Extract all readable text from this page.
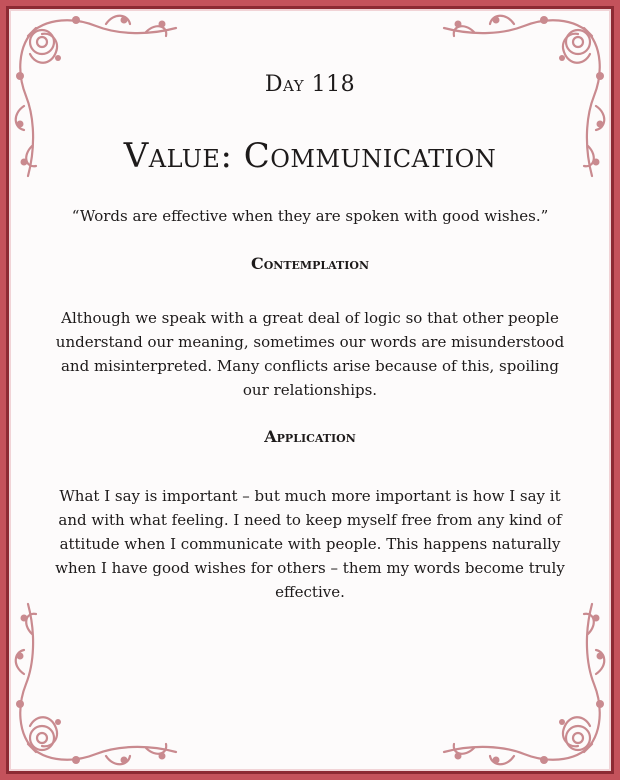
Day 118
Value: Communication
“Words are effective when they are spoken with good wishes.”
Contemplation
Although we speak with a great deal of logic so that other people understand our meaning, sometimes our words are misunderstood and misinterpreted. Many conflicts arise because of this, spoiling our relationships.
Application
What I say is important – but much more important is how I say it and with what feeling. I need to keep myself free from any kind of attitude when I communicate with people. This happens naturally when I have good wishes for others – them my words become truly effective.
